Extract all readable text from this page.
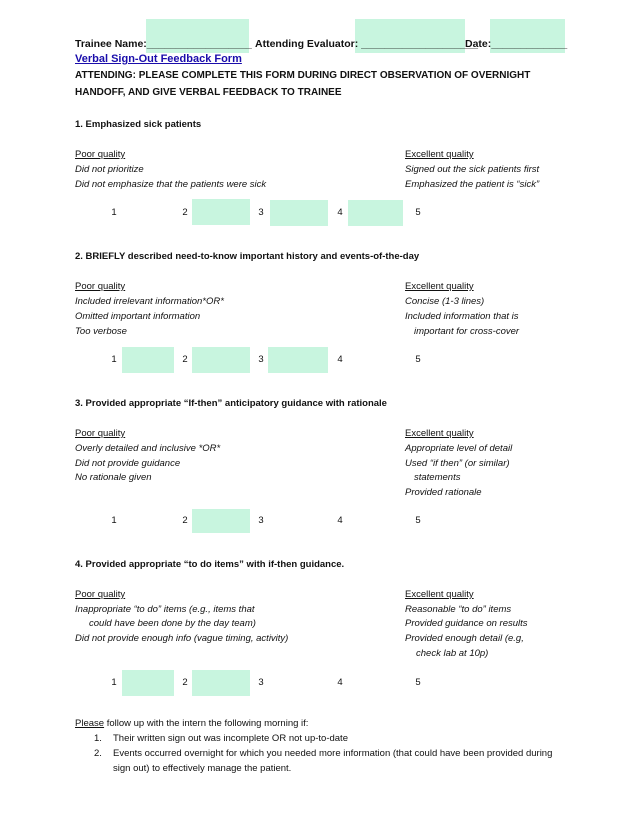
Trainee Name:__________________ Attending Evaluator: ____________________
Date:_____________
Verbal Sign-Out Feedback Form
ATTENDING: PLEASE COMPLETE THIS FORM DURING DIRECT OBSERVATION OF OVERNIGHT
HANDOFF, AND GIVE VERBAL FEEDBACK TO TRAINEE
1. Emphasized sick patients
Poor quality
Did not prioritize
Did not emphasize that the patients were sick
Excellent quality
Signed out the sick patients first
Emphasized the patient is “sick”
1	2	3	4	5
2. BRIEFLY described need-to-know important history and events-of-the-day
Poor quality
Included irrelevant information*OR*
Omitted important information
Too verbose
Excellent quality
Concise (1-3 lines)
Included information that is
important for cross-cover
1	2	3	4	5
3. Provided appropriate “If-then” anticipatory guidance with rationale
Poor quality
Overly detailed and inclusive *OR*
Did not provide guidance
No rationale given
Excellent quality
Appropriate level of detail
Used “if then” (or similar)
statements
Provided rationale
1	2	3	4	5
4. Provided appropriate “to do items” with if-then guidance.
Poor quality
Inappropriate “to do” items (e.g., items that
could have been done by the day team)
Did not provide enough info (vague timing, activity)
Excellent quality
Reasonable “to do” items
Provided guidance on results
Provided enough detail (e.g,
check lab at 10p)
1	2	3	4	5
Please follow up with the intern the following morning if:
1. Their written sign out was incomplete OR not up-to-date
2. Events occurred overnight for which you needed more information (that could have been provided during
sign out) to effectively manage the patient.
